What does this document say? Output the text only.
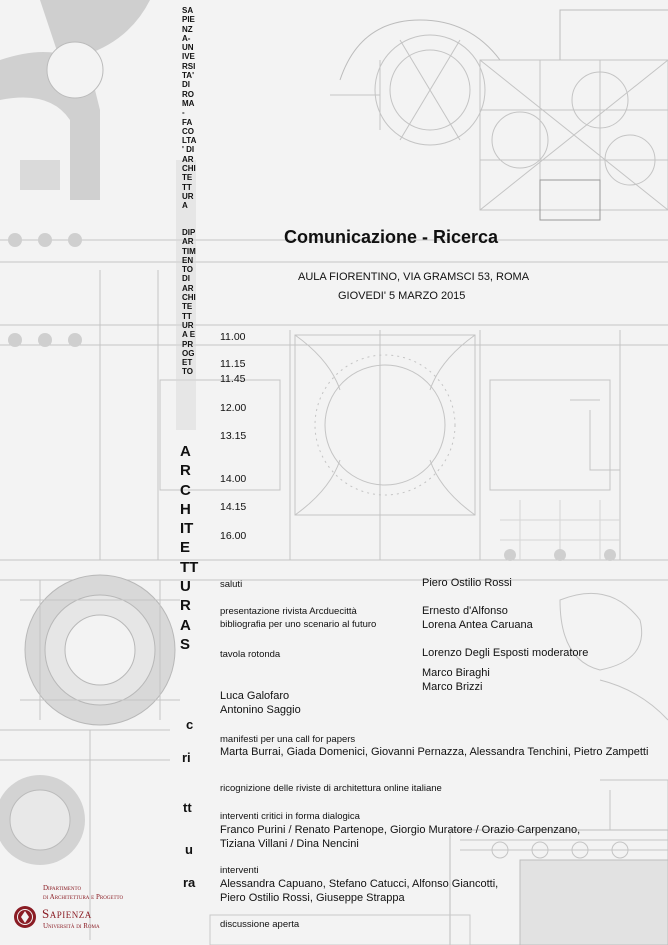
SA
PIE
NZ
A-
UN
IVE
RSI
TA'
DI
RO
MA
-
FA
CO
LTA
' DI
AR
CHI
TE
TT
UR
A
DIP
AR
TIM
EN
TO
DI
AR
CHI
TE
TT
UR
A E
PR
OG
ET
TO
Comunicazione - Ricerca
AULA FIORENTINO, VIA GRAMSCI 53, ROMA
GIOVEDI' 5 MARZO 2015
11.00
11.15
11.45
12.00
13.15
14.00
14.15
16.00
A
R
C
H
IT
E
TT
U
R
A
S
c
ri
tt
u
ra
saluti	Piero Ostilio Rossi
presentazione rivista Arcduecittà
bibliografia per uno scenario al futuro
Ernesto d'Alfonso
Lorena Antea Caruana
tavola rotonda	Lorenzo Degli Esposti moderatore
Marco Biraghi
Marco Brizzi
Luca Galofaro
Antonino Saggio
manifesti per una call for papers
Marta Burrai, Giada Domenici, Giovanni Pernazza, Alessandra Tenchini, Pietro Zampetti
ricognizione delle riviste di architettura online italiane
interventi critici in forma dialogica
Franco Purini / Renato Partenope, Giorgio Muratore / Orazio Carpenzano,
Tiziana Villani / Dina Nencini
interventi
Alessandra Capuano, Stefano Catucci, Alfonso Giancotti,
Piero Ostilio Rossi, Giuseppe Strappa
discussione aperta
Dipartimento
di Architettura e Progetto
Sapienza
Università di Roma
